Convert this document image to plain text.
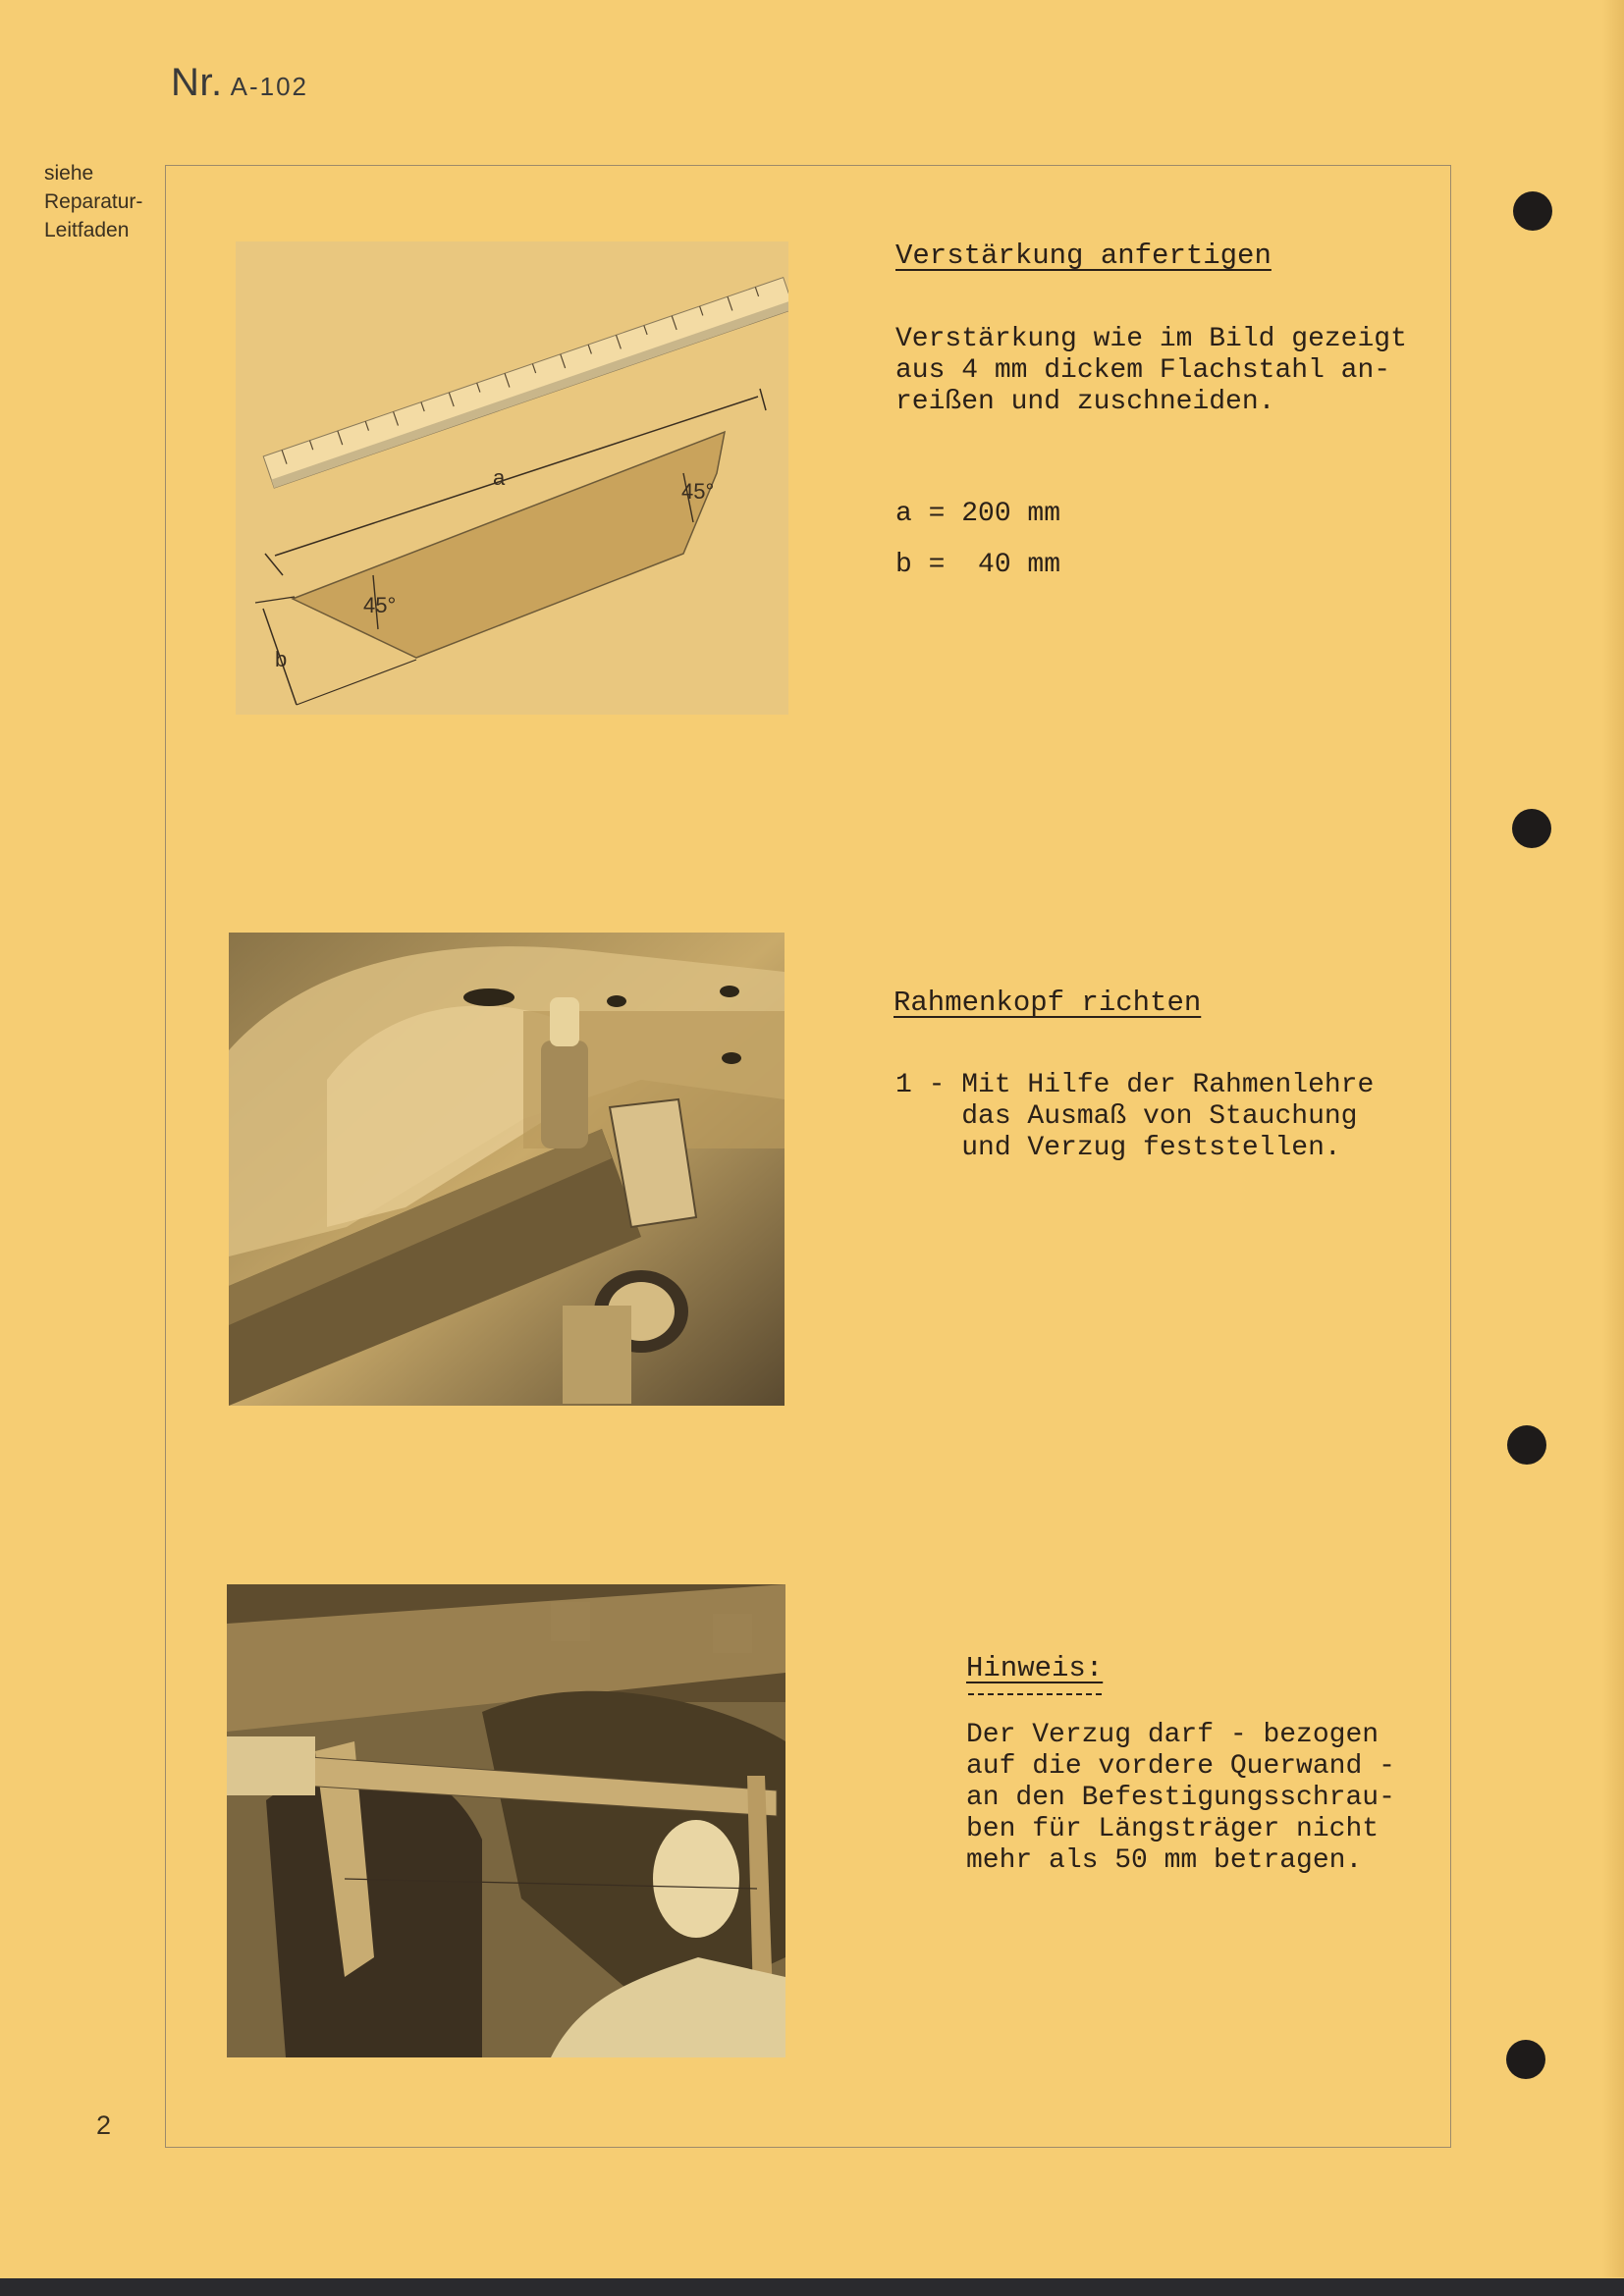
Nr. A-102
siehe
Reparatur-
Leitfaden
a
b
45°
45°
Verstärkung anfertigen
Verstärkung wie im Bild gezeigt
aus 4 mm dickem Flachstahl an-
reißen und zuschneiden.
a = 200 mm
b =  40 mm
Rahmenkopf richten
1 - Mit Hilfe der Rahmenlehre
das Ausmaß von Stauchung
und Verzug feststellen.
Hinweis:
Der Verzug darf - bezogen
auf die vordere Querwand -
an den Befestigungsschrau-
ben für Längsträger nicht
mehr als 50 mm betragen.
2
